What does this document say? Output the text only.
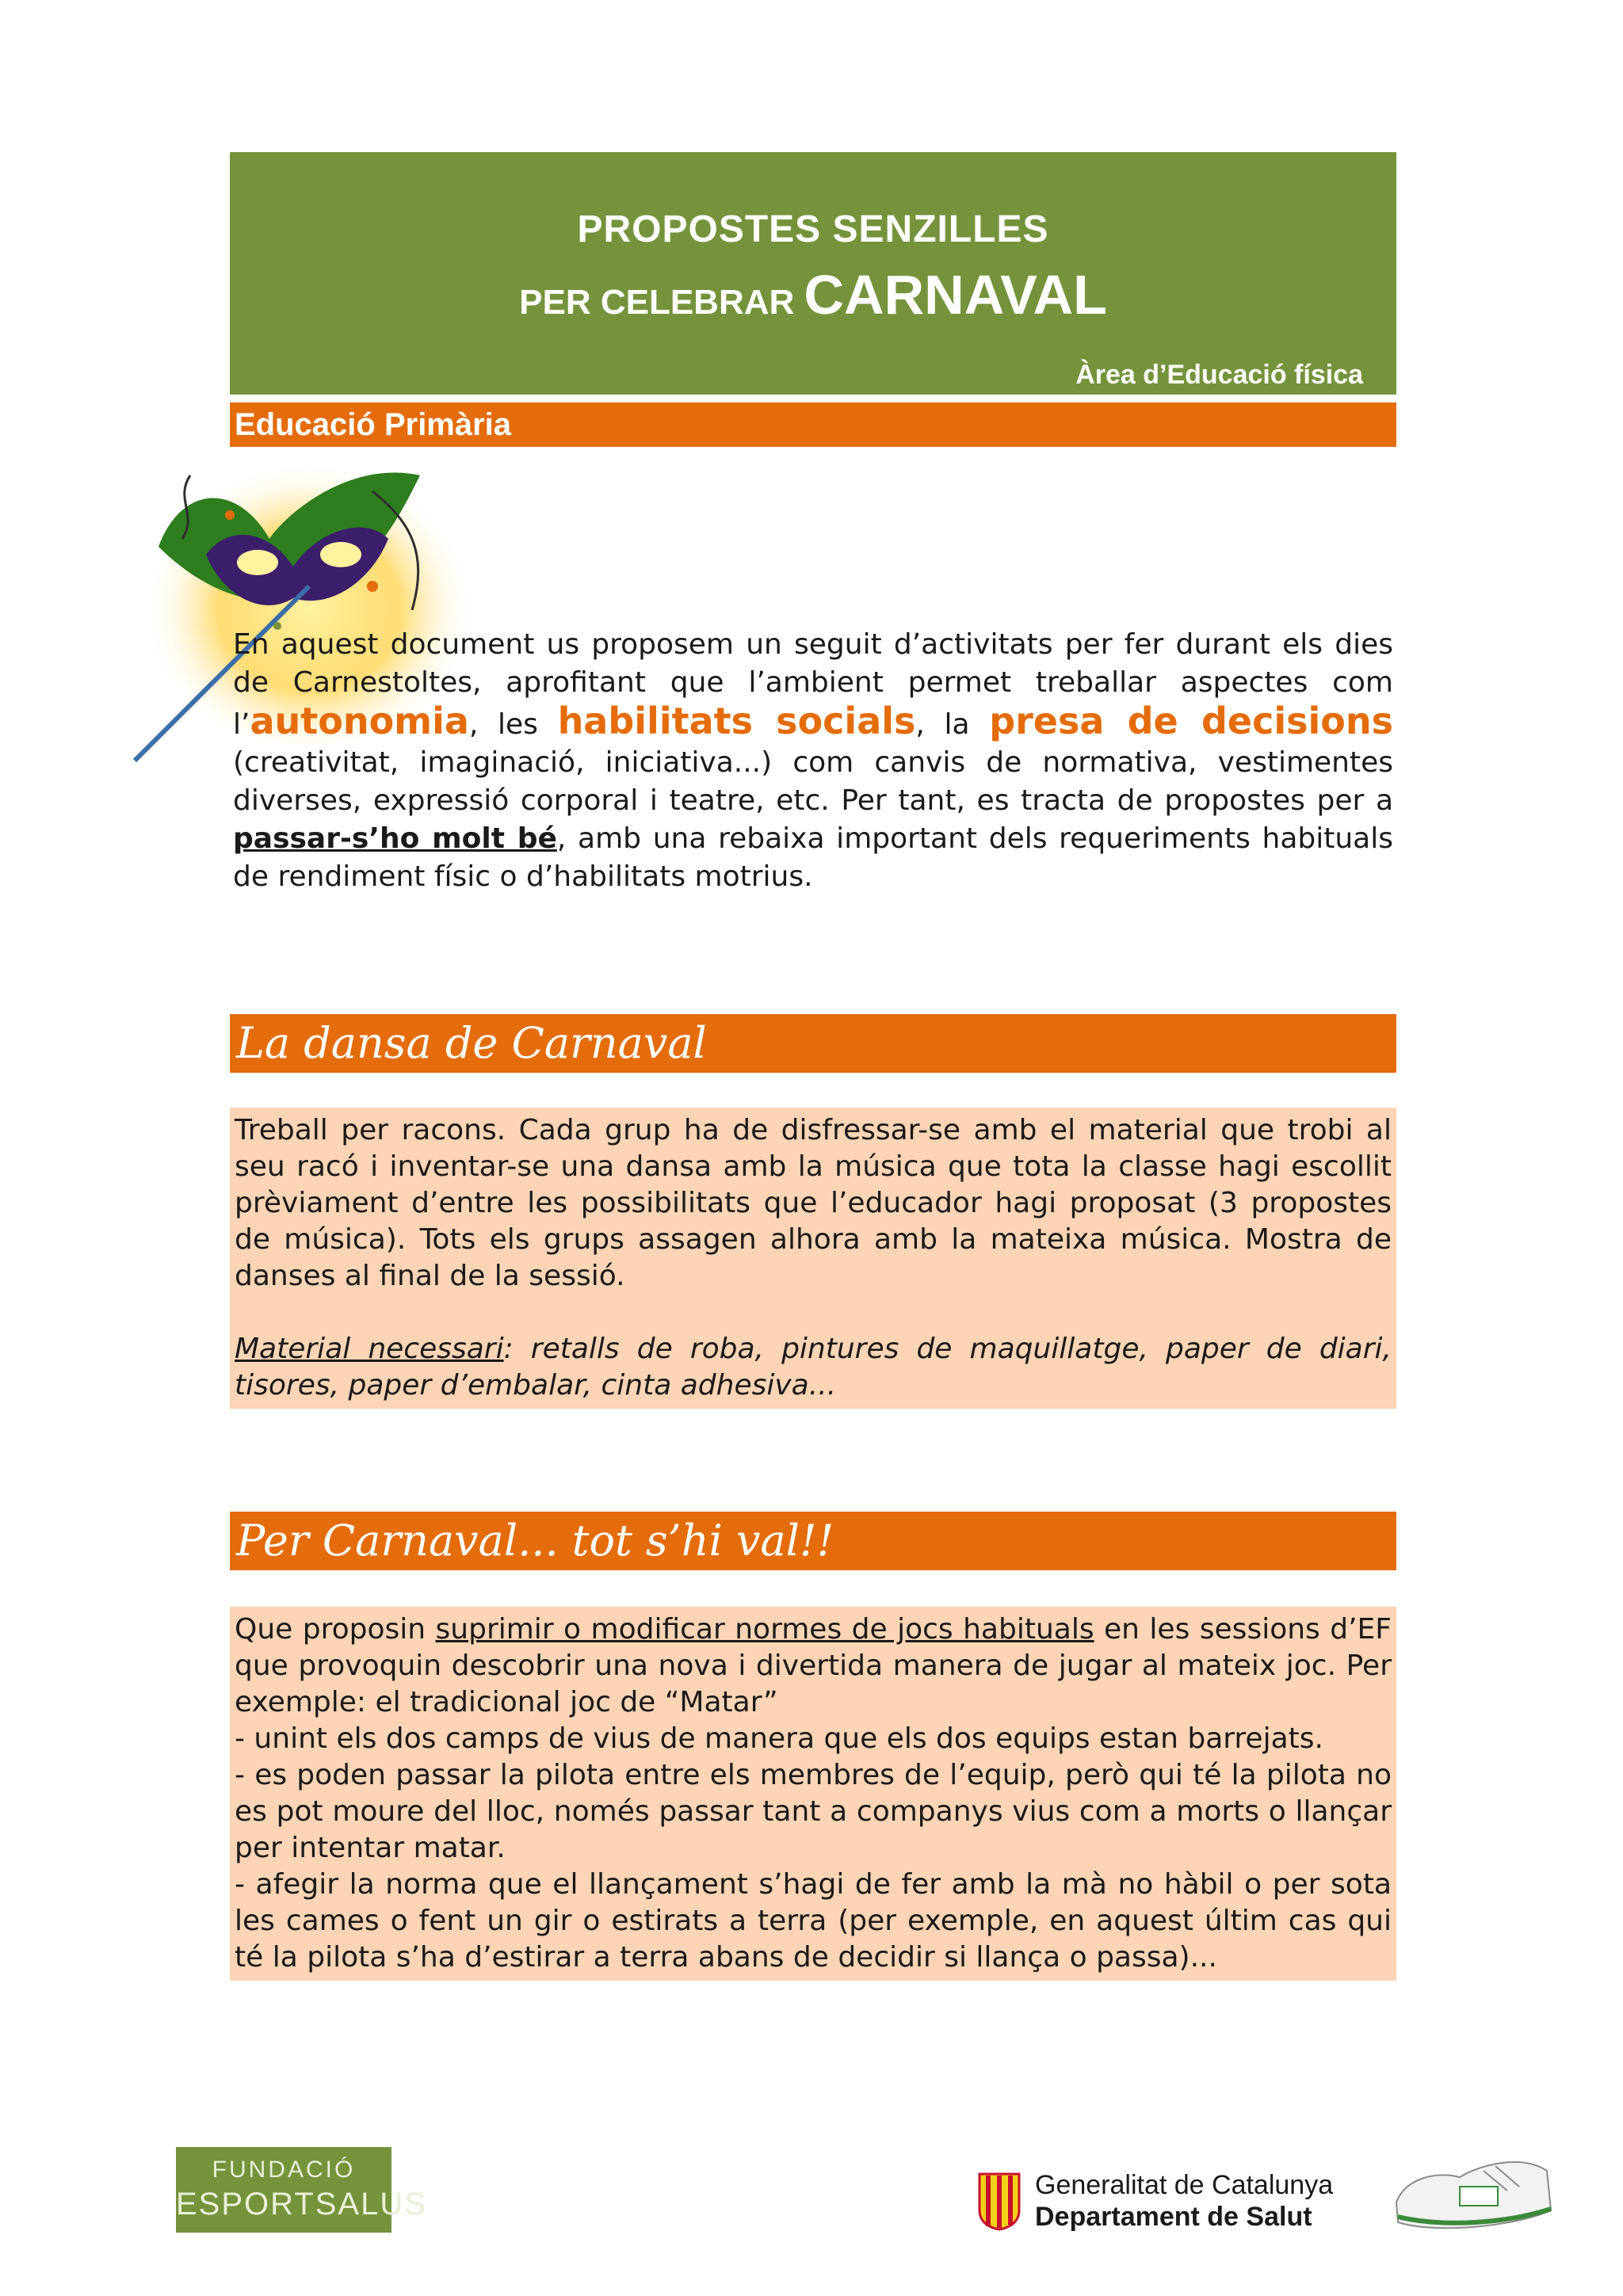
PROPOSTES SENZILLES
PER CELEBRAR CARNAVAL
Àrea d’Educació física
Educació Primària
En aquest document us proposem un seguit d’activitats per fer durant els dies de Carnestoltes, aprofitant que l’ambient permet treballar aspectes com l’autonomia, les habilitats socials, la presa de decisions (creativitat, imaginació, iniciativa...) com canvis de normativa, vestimentes diverses, expressió corporal i teatre, etc. Per tant, es tracta de propostes per a passar-s’ho molt bé, amb una rebaixa important dels requeriments habituals de rendiment físic o d’habilitats motrius.
La dansa de Carnaval

Treball per racons. Cada grup ha de disfressar-se amb el material que trobi al seu racó i inventar-se una dansa amb la música que tota la classe hagi escollit prèviament d’entre les possibilitats que l’educador hagi proposat (3 propostes de música). Tots els grups assagen alhora amb la mateixa música. Mostra de danses al final de la sessió.

Material necessari: retalls de roba, pintures de maquillatge, paper de diari, tisores, paper d’embalar, cinta adhesiva...

Per Carnaval... tot s’hi val!!

Que proposin suprimir o modificar normes de jocs habituals en les sessions d’EF que provoquin descobrir una nova i divertida manera de jugar al mateix joc. Per exemple: el tradicional joc de “Matar”

- unint els dos camps de vius de manera que els dos equips estan barrejats.

- es poden passar la pilota entre els membres de l’equip, però qui té la pilota no es pot moure del lloc, només passar tant a companys vius com a morts o llançar per intentar matar.

- afegir la norma que el llançament s’hagi de fer amb la mà no hàbil o per sota les cames o fent un gir o estirats a terra (per exemple, en aquest últim cas qui té la pilota s’ha d’estirar a terra abans de decidir si llança o passa)...

FUNDACIÓ
ESPORTSALUS
Generalitat de Catalunya
Departament de Salut
